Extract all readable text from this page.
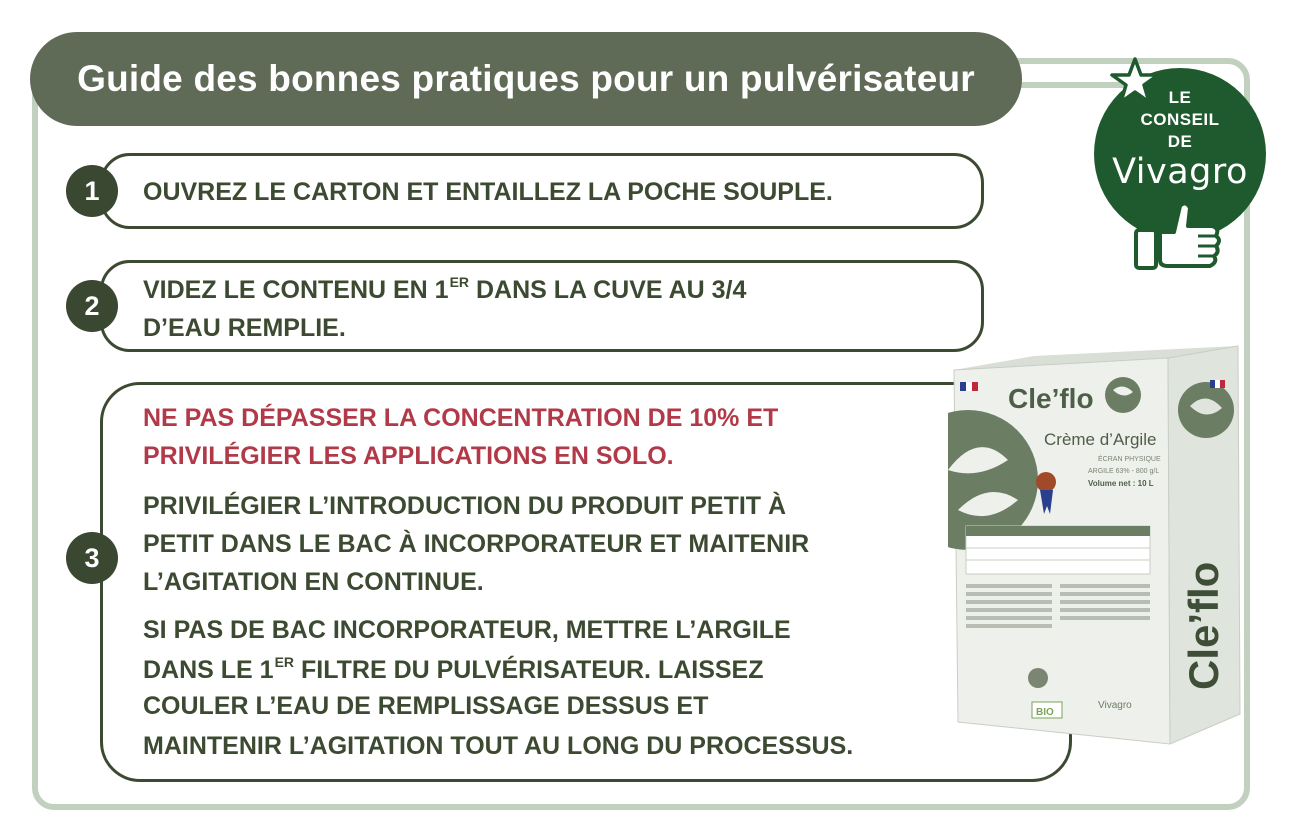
Guide des bonnes pratiques pour un pulvérisateur	LE
CONSEIL
DE
Vivagro
1	OUVREZ LE CARTON ET ENTAILLEZ LA POCHE SOUPLE.
2
VIDEZ LE CONTENU EN 1ER DANS LA CUVE AU 3/4
D’EAU REMPLIE.
3
NE PAS DÉPASSER LA CONCENTRATION DE 10% ET
PRIVILÉGIER LES APPLICATIONS EN SOLO.
PRIVILÉGIER L’INTRODUCTION DU PRODUIT PETIT À
PETIT DANS LE BAC À INCORPORATEUR ET MAITENIR
L’AGITATION EN CONTINUE.
SI PAS DE BAC INCORPORATEUR, METTRE L’ARGILE
DANS LE 1ER FILTRE DU PULVÉRISATEUR. LAISSEZ
COULER L’EAU DE REMPLISSAGE DESSUS ET
MAINTENIR L’AGITATION TOUT AU LONG DU PROCESSUS.
Cle’flo
Crème d’Argile
ÉCRAN PHYSIQUE
ARGILE 63% - 800 g/L
Volume net : 10 L
BIO
Vivagro
Cle’flo
